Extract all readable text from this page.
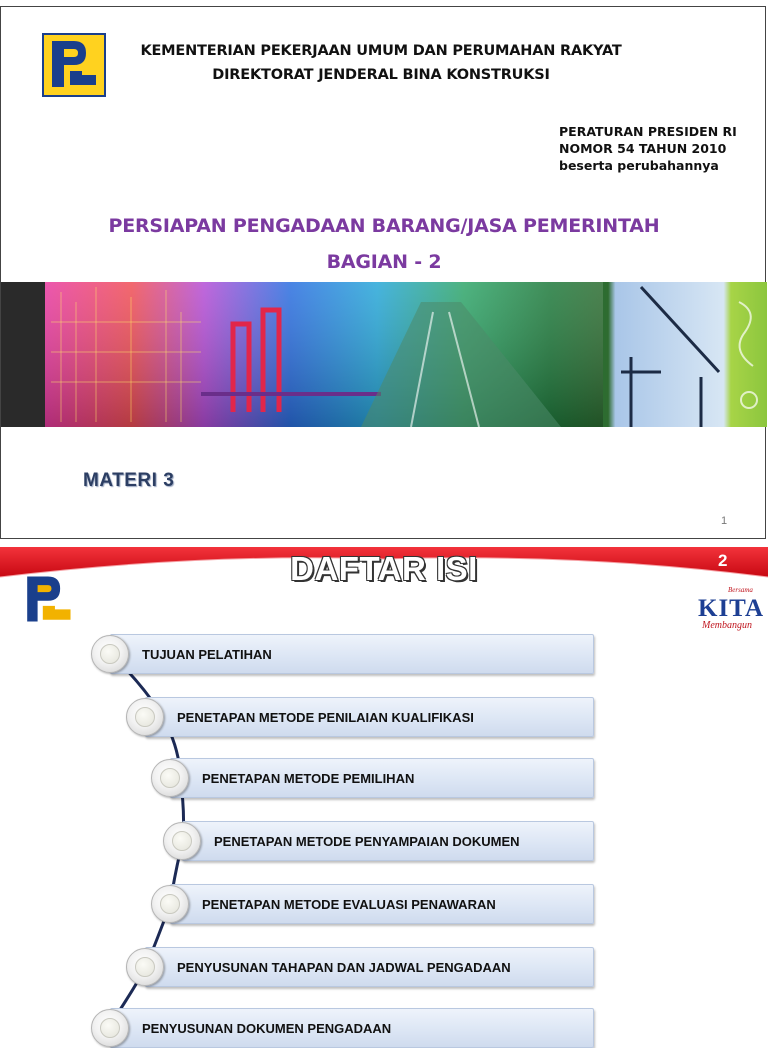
KEMENTERIAN PEKERJAAN UMUM DAN PERUMAHAN RAKYAT
DIREKTORAT JENDERAL BINA KONSTRUKSI
PERATURAN PRESIDEN RI
NOMOR 54 TAHUN 2010
beserta perubahannya
PERSIAPAN PENGADAAN BARANG/JASA PEMERINTAH
BAGIAN - 2
MATERI 3
1
DAFTAR ISI	2
Bersama
KITA
Membangun
TUJUAN PELATIHAN
PENETAPAN METODE PENILAIAN KUALIFIKASI
PENETAPAN METODE PEMILIHAN
PENETAPAN METODE PENYAMPAIAN DOKUMEN
PENETAPAN METODE EVALUASI PENAWARAN
PENYUSUNAN TAHAPAN DAN JADWAL PENGADAAN
PENYUSUNAN DOKUMEN PENGADAAN
